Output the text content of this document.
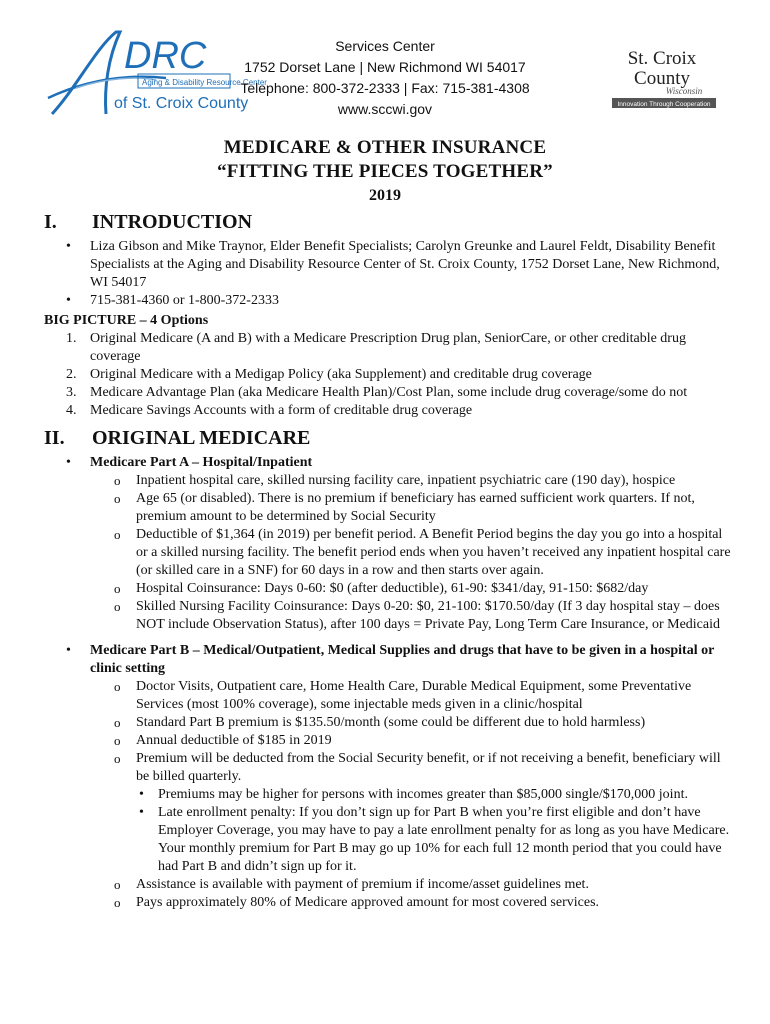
DRC
Aging & Disability Resource Center
of St. Croix County
Services Center
1752 Dorset Lane | New Richmond WI 54017
Telephone: 800-372-2333 | Fax: 715-381-4308
www.sccwi.gov
St. Croix
County
Wisconsin
Innovation Through Cooperation
MEDICARE & OTHER INSURANCE
“FITTING THE PIECES TOGETHER”
2019
I.	INTRODUCTION
• Liza Gibson and Mike Traynor, Elder Benefit Specialists; Carolyn Greunke and Laurel Feldt, Disability Benefit Specialists at the Aging and Disability Resource Center of St. Croix County, 1752 Dorset Lane, New Richmond, WI 54017
• 715-381-4360 or 1-800-372-2333
BIG PICTURE – 4 Options
1. Original Medicare (A and B) with a Medicare Prescription Drug plan, SeniorCare, or other creditable drug coverage
2. Original Medicare with a Medigap Policy (aka Supplement) and creditable drug coverage
3. Medicare Advantage Plan (aka Medicare Health Plan)/Cost Plan, some include drug coverage/some do not
4. Medicare Savings Accounts with a form of creditable drug coverage
II.	ORIGINAL MEDICARE
• Medicare Part A – Hospital/Inpatient
o Inpatient hospital care, skilled nursing facility care, inpatient psychiatric care (190 day), hospice
o Age 65 (or disabled). There is no premium if beneficiary has earned sufficient work quarters. If not, premium amount to be determined by Social Security
o Deductible of $1,364 (in 2019) per benefit period. A Benefit Period begins the day you go into a hospital or a skilled nursing facility. The benefit period ends when you haven’t received any inpatient hospital care (or skilled care in a SNF) for 60 days in a row and then starts over again.
o Hospital Coinsurance: Days 0-60: $0 (after deductible), 61-90: $341/day, 91-150: $682/day
o Skilled Nursing Facility Coinsurance: Days 0-20: $0, 21-100: $170.50/day (If 3 day hospital stay – does NOT include Observation Status), after 100 days = Private Pay, Long Term Care Insurance, or Medicaid
• Medicare Part B – Medical/Outpatient, Medical Supplies and drugs that have to be given in a hospital or clinic setting
o Doctor Visits, Outpatient care, Home Health Care, Durable Medical Equipment, some Preventative Services (most 100% coverage), some injectable meds given in a clinic/hospital
o Standard Part B premium is $135.50/month (some could be different due to hold harmless)
o Annual deductible of $185 in 2019
o Premium will be deducted from the Social Security benefit, or if not receiving a benefit, beneficiary will be billed quarterly.
• Premiums may be higher for persons with incomes greater than $85,000 single/$170,000 joint.
• Late enrollment penalty: If you don’t sign up for Part B when you’re first eligible and don’t have Employer Coverage, you may have to pay a late enrollment penalty for as long as you have Medicare. Your monthly premium for Part B may go up 10% for each full 12 month period that you could have had Part B and didn’t sign up for it.
o Assistance is available with payment of premium if income/asset guidelines met.
o Pays approximately 80% of Medicare approved amount for most covered services.
